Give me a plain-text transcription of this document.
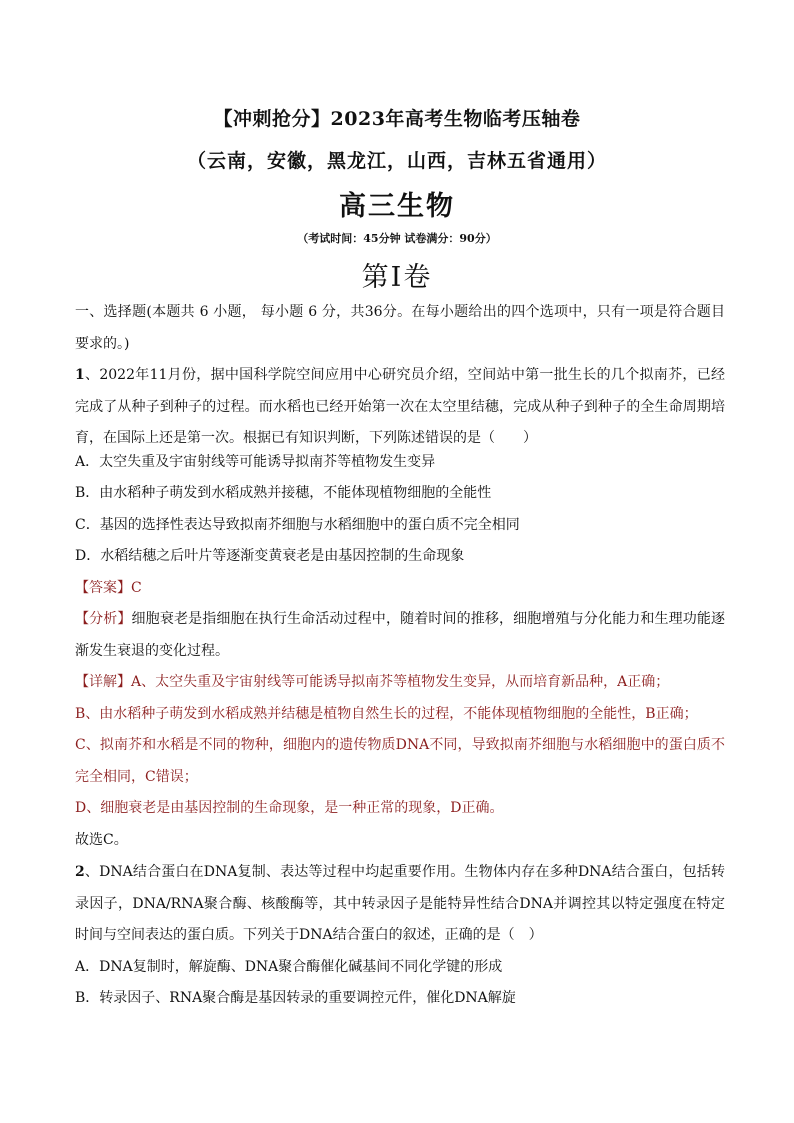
【冲刺抢分】2023年高考生物临考压轴卷
（云南，安徽，黑龙江，山西，吉林五省通用）
高三生物
（考试时间：45分钟 试卷满分：90分）
第I卷

一、选择题(本题共 6 小题， 每小题 6 分，共36分。在每小题给出的四个选项中，只有一项是符合题目要求的。)

1、2022年11月份，据中国科学院空间应用中心研究员介绍，空间站中第一批生长的几个拟南芥，已经完成了从种子到种子的过程。而水稻也已经开始第一次在太空里结穗，完成从种子到种子的全生命周期培育，在国际上还是第一次。根据已有知识判断，下列陈述错误的是（　　）

A．太空失重及宇宙射线等可能诱导拟南芥等植物发生变异

B．由水稻种子萌发到水稻成熟并接穗，不能体现植物细胞的全能性

C．基因的选择性表达导致拟南芥细胞与水稻细胞中的蛋白质不完全相同

D．水稻结穗之后叶片等逐渐变黄衰老是由基因控制的生命现象

【答案】C

【分析】细胞衰老是指细胞在执行生命活动过程中，随着时间的推移，细胞增殖与分化能力和生理功能逐渐发生衰退的变化过程。

【详解】A、太空失重及宇宙射线等可能诱导拟南芥等植物发生变异，从而培育新品种，A正确；

B、由水稻种子萌发到水稻成熟并结穗是植物自然生长的过程，不能体现植物细胞的全能性，B正确；

C、拟南芥和水稻是不同的物种，细胞内的遗传物质DNA不同，导致拟南芥细胞与水稻细胞中的蛋白质不完全相同，C错误；

D、细胞衰老是由基因控制的生命现象，是一种正常的现象，D正确。

故选C。

2、DNA结合蛋白在DNA复制、表达等过程中均起重要作用。生物体内存在多种DNA结合蛋白，包括转录因子，DNA/RNA聚合酶、核酸酶等，其中转录因子是能特异性结合DNA并调控其以特定强度在特定时间与空间表达的蛋白质。下列关于DNA结合蛋白的叙述，正确的是（　）

A．DNA复制时，解旋酶、DNA聚合酶催化碱基间不同化学键的形成

B．转录因子、RNA聚合酶是基因转录的重要调控元件，催化DNA解旋
